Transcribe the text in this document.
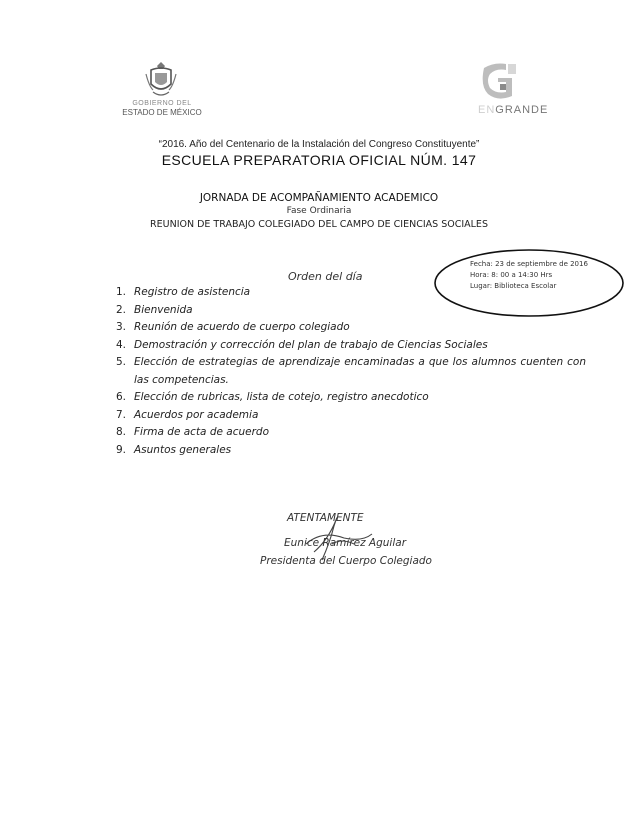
GOBIERNO DEL
ESTADO DE MÉXICO	ENGRANDE
“2016. Año del Centenario de la Instalación del Congreso Constituyente”
ESCUELA PREPARATORIA OFICIAL NÚM. 147
JORNADA DE ACOMPAÑAMIENTO ACADEMICO
Fase Ordinaria
REUNION DE TRABAJO COLEGIADO DEL CAMPO DE CIENCIAS SOCIALES
Fecha: 23 de septiembre de 2016
Hora: 8: 00 a 14:30 Hrs
Lugar: Biblioteca Escolar
Orden del día
1. Registro de asistencia
2. Bienvenida
3. Reunión de acuerdo de cuerpo colegiado
4. Demostración y corrección del plan de trabajo de Ciencias Sociales
5. Elección de estrategias de aprendizaje encaminadas a que los alumnos cuenten con las competencias.
6. Elección de rubricas, lista de cotejo, registro anecdotico
7. Acuerdos por academia
8. Firma de acta de acuerdo
9. Asuntos generales
ATENTAMENTE
Eunice Ramírez Aguilar
Presidenta del Cuerpo Colegiado
